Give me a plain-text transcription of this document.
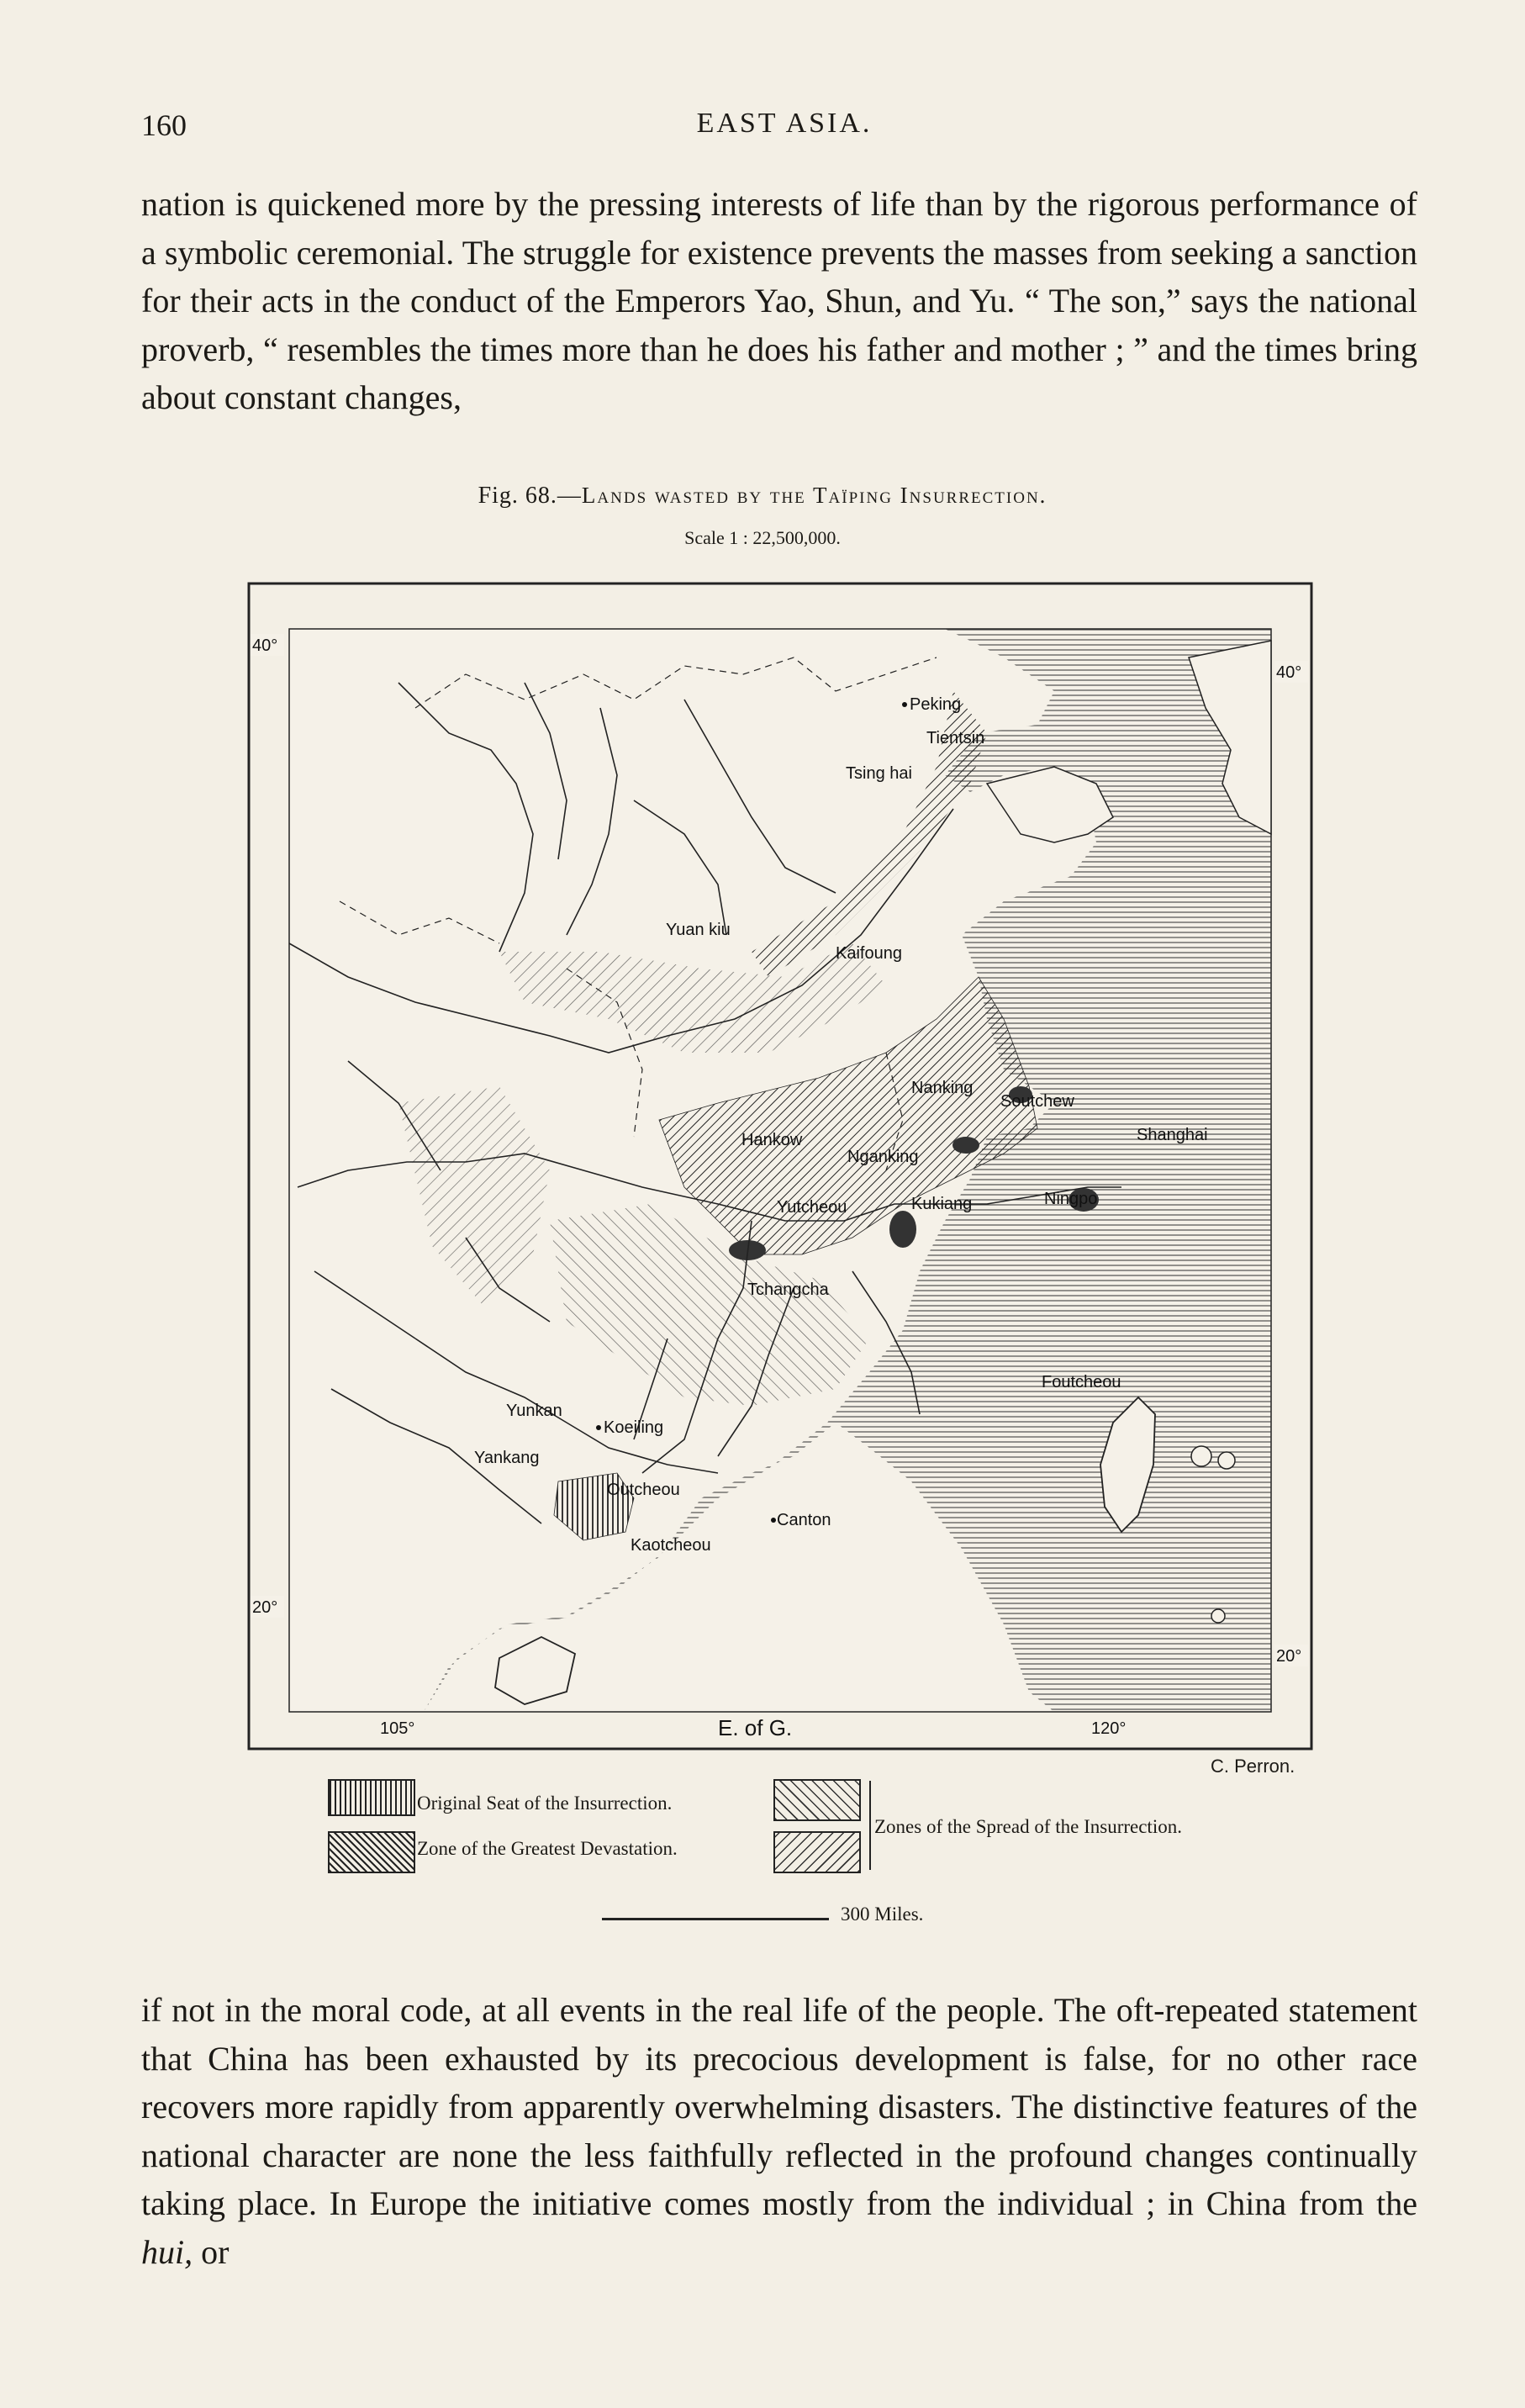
160	EAST ASIA.

nation is quickened more by the pressing interests of life than by the rigorous performance of a symbolic ceremonial. The struggle for existence prevents the masses from seeking a sanction for their acts in the conduct of the Emperors Yao, Shun, and Yu. “ The son,” says the national proverb, “ resembles the times more than he does his father and mother ; ” and the times bring about constant changes,

Fig. 68.—Lands wasted by the Taïping Insurrection.
Scale 1 : 22,500,000.
Peking
Tientsin
Tsing hai
Yuan kiu
Kaifoung
Nanking
Soutchew
Shanghai
Hankow
Nganking
Ningpo
Yutcheou	Kukiang
Tchangcha
Foutcheou
Yunkan
Koeiling
Yankang
Outcheou
Canton
Kaotcheou
40°
40°
20°
20°
105°	E. of G.	120°
C. Perron.
Original Seat of the Insurrection.
Zone of the Greatest Devastation.
Zones of the Spread of the Insurrection.
300 Miles.

if not in the moral code, at all events in the real life of the people. The oft-repeated statement that China has been exhausted by its precocious development is false, for no other race recovers more rapidly from apparently overwhelming disasters. The distinctive features of the national character are none the less faithfully reflected in the profound changes continually taking place. In Europe the initiative comes mostly from the individual ; in China from the hui, or
